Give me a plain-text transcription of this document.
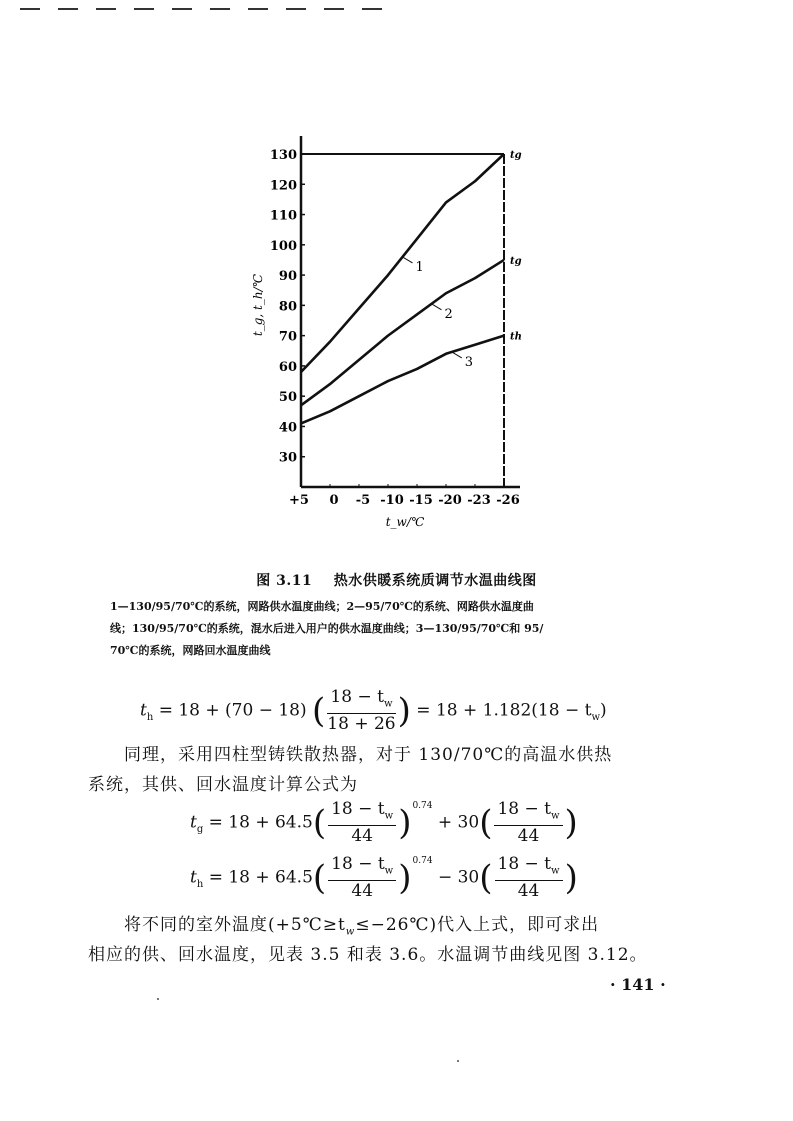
30
40
50
60
70
80
90
100
110
120
130
+5 0 -5 -10 -15 -20 -23 -26
1
tg
2
tg
3
th
t_g, t_h/℃
t_w/℃
图 3.11 热水供暖系统质调节水温曲线图
1—130/95/70℃的系统，网路供水温度曲线；2—95/70℃的系统、网路供水温度曲
线；130/95/70℃的系统，混水后进入用户的供水温度曲线；3—130/95/70℃和 95/
70℃的系统，网路回水温度曲线
$t_h = 18 + (70 - 18)$ ( $\frac{18 - t_w}{18 + 26}$ ) = $18 + 1.182(18 - t_w)$
同理，采用四柱型铸铁散热器，对于 130/70℃的高温水供热
系统，其供、回水温度计算公式为
$t_g = 18 + 64.5( \frac{18 - t_w}{44} )^{0.74} + 30( \frac{18 - t_w}{44}$ )
$t_h = 18 + 64.5( \frac{18 - t_w}{44} )^{0.74} - 30( \frac{18 - t_w}{44}$ )
将不同的室外温度$(+5℃\ge t_w\le-26℃)$代入上式，即可求出
相应的供、回水温度，见表 3.5 和表 3.6。水温调节曲线见图 3.12。
· 141 ·
